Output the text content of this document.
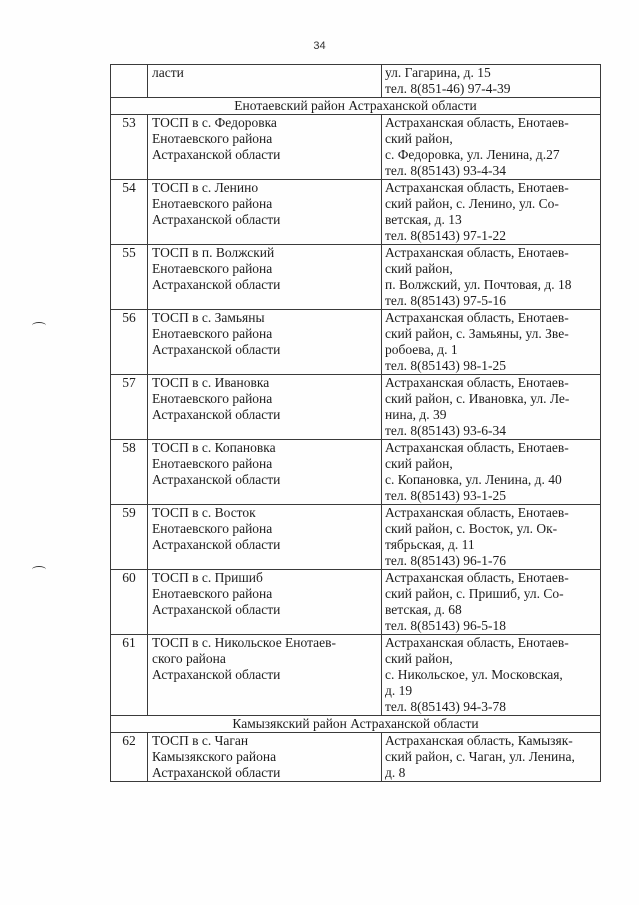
34

	ласти	ул. Гагарина, д. 15
тел. 8(851-46) 97-4-39

Енотаевский район Астраханской области		
53	ТОСП в с. Федоровка
Енотаевского района
Астраханской области	Астраханская область, Енотаев-
ский район,
с. Федоровка, ул. Ленина, д.27
тел. 8(85143) 93-4-34

54	ТОСП в с. Ленино
Енотаевского района
Астраханской области	Астраханская область, Енотаев-
ский район, с. Ленино, ул. Со-
ветская, д. 13
тел. 8(85143) 97-1-22

55	ТОСП в п. Волжский
Енотаевского района
Астраханской области	Астраханская область, Енотаев-
ский район,
п. Волжский, ул. Почтовая, д. 18
тел. 8(85143) 97-5-16

56	ТОСП в с. Замьяны
Енотаевского района
Астраханской области	Астраханская область, Енотаев-
ский район, с. Замьяны, ул. Зве-
робоева, д. 1
тел. 8(85143) 98-1-25

57	ТОСП в с. Ивановка
Енотаевского района
Астраханской области	Астраханская область, Енотаев-
ский район, с. Ивановка, ул. Ле-
нина, д. 39
тел. 8(85143) 93-6-34

58	ТОСП в с. Копановка
Енотаевского района
Астраханской области	Астраханская область, Енотаев-
ский район,
с. Копановка, ул. Ленина, д. 40
тел. 8(85143) 93-1-25

59	ТОСП в с. Восток
Енотаевского района
Астраханской области	Астраханская область, Енотаев-
ский район, с. Восток, ул. Ок-
тябрьская, д. 11
тел. 8(85143) 96-1-76

60	ТОСП в с. Пришиб
Енотаевского района
Астраханской области	Астраханская область, Енотаев-
ский район, с. Пришиб, ул. Со-
ветская, д. 68
тел. 8(85143) 96-5-18

61	ТОСП в с. Никольское Енотаев-
ского района
Астраханской области	Астраханская область, Енотаев-
ский район,
с. Никольское, ул. Московская,
д. 19
тел. 8(85143) 94-3-78

Камызякский район Астраханской области		
62	ТОСП в с. Чаган
Камызякского района
Астраханской области	Астраханская область, Камызяк-
ский район, с. Чаган, ул. Ленина,
д. 8
